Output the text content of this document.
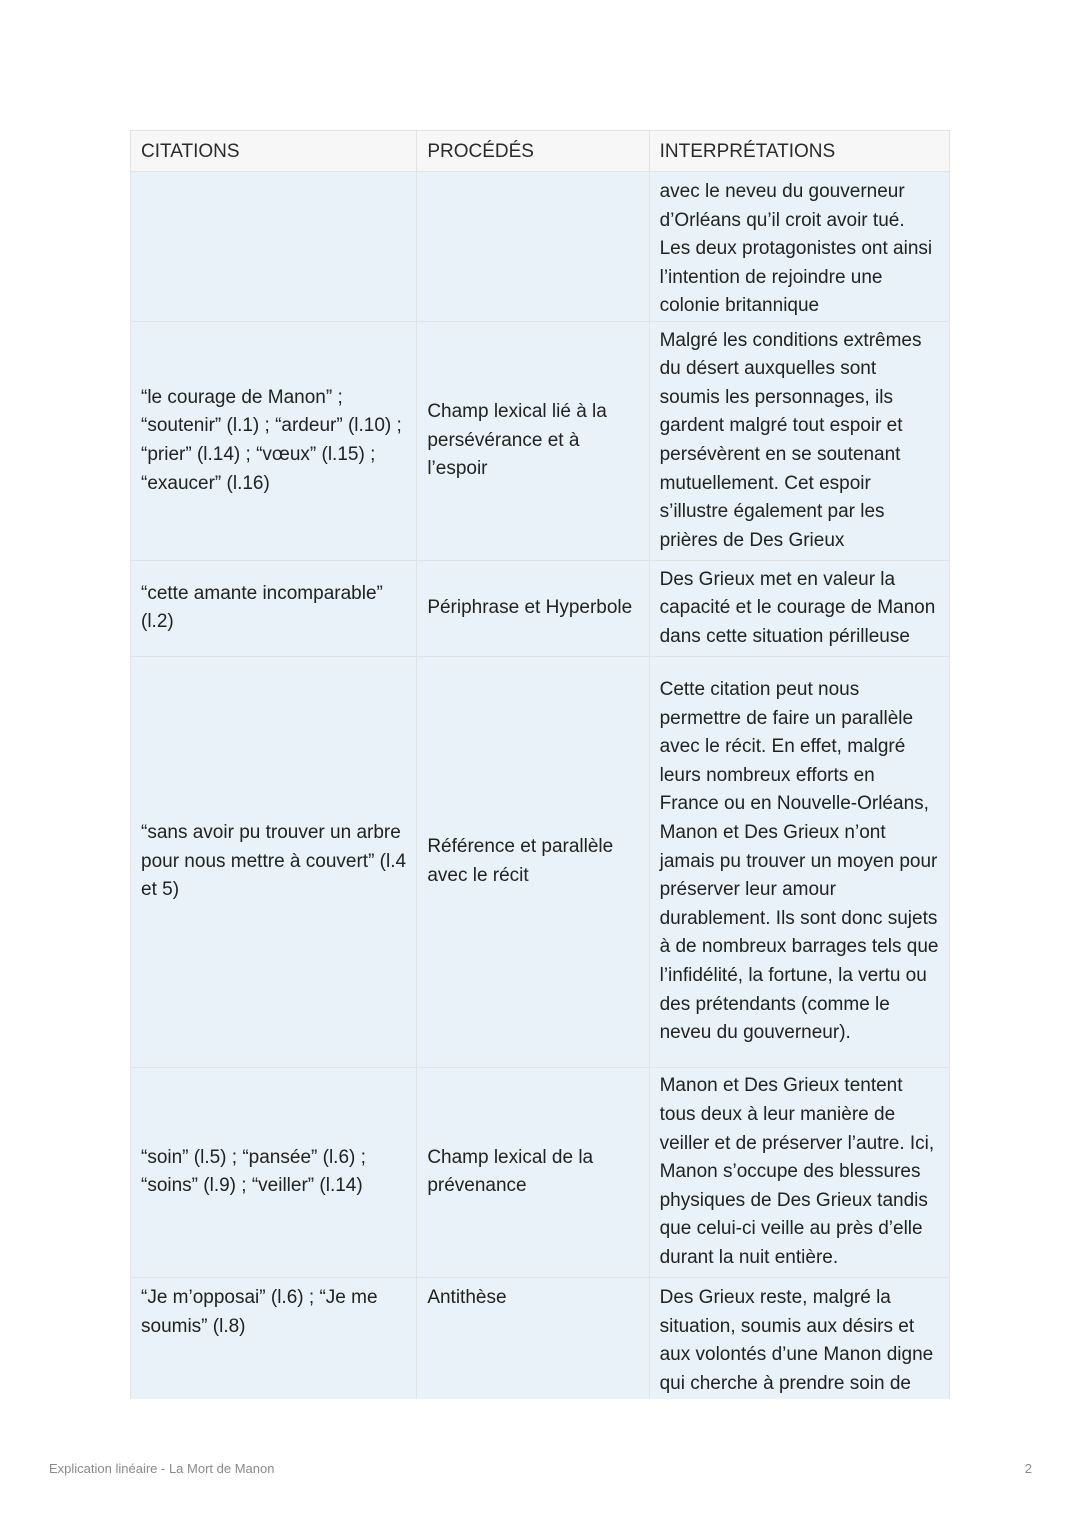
CITATIONS	PROCÉDÉS	INTERPRÉTATIONS
		avec le neveu du gouverneur d’Orléans qu’il croit avoir tué. Les deux protagonistes ont ainsi l’intention de rejoindre une colonie britannique
“le courage de Manon” ; “soutenir” (l.1) ; “ardeur” (l.10) ; “prier” (l.14) ; “vœux” (l.15) ; “exaucer” (l.16)	Champ lexical lié à la persévérance et à l’espoir	Malgré les conditions extrêmes du désert auxquelles sont soumis les personnages, ils gardent malgré tout espoir et persévèrent en se soutenant mutuellement. Cet espoir s’illustre également par les prières de Des Grieux
“cette amante incomparable” (l.2)	Périphrase et Hyperbole	Des Grieux met en valeur la capacité et le courage de Manon dans cette situation périlleuse
“sans avoir pu trouver un arbre pour nous mettre à couvert” (l.4 et 5)	Référence et parallèle avec le récit	Cette citation peut nous permettre de faire un parallèle avec le récit. En effet, malgré leurs nombreux efforts en France ou en Nouvelle-Orléans, Manon et Des Grieux n’ont jamais pu trouver un moyen pour préserver leur amour durablement. Ils sont donc sujets à de nombreux barrages tels que l’infidélité, la fortune, la vertu ou des prétendants (comme le neveu du gouverneur).
“soin” (l.5) ; “pansée” (l.6) ; “soins” (l.9) ; “veiller” (l.14)	Champ lexical de la prévenance	Manon et Des Grieux tentent tous deux à leur manière de veiller et de préserver l’autre. Ici, Manon s’occupe des blessures physiques de Des Grieux tandis que celui-ci veille au près d’elle durant la nuit entière.
“Je m’opposai” (l.6) ; “Je me soumis” (l.8)	Antithèse	Des Grieux reste, malgré la situation, soumis aux désirs et aux volontés d’une Manon digne qui cherche à prendre soin de
Explication linéaire - La Mort de Manon	2
